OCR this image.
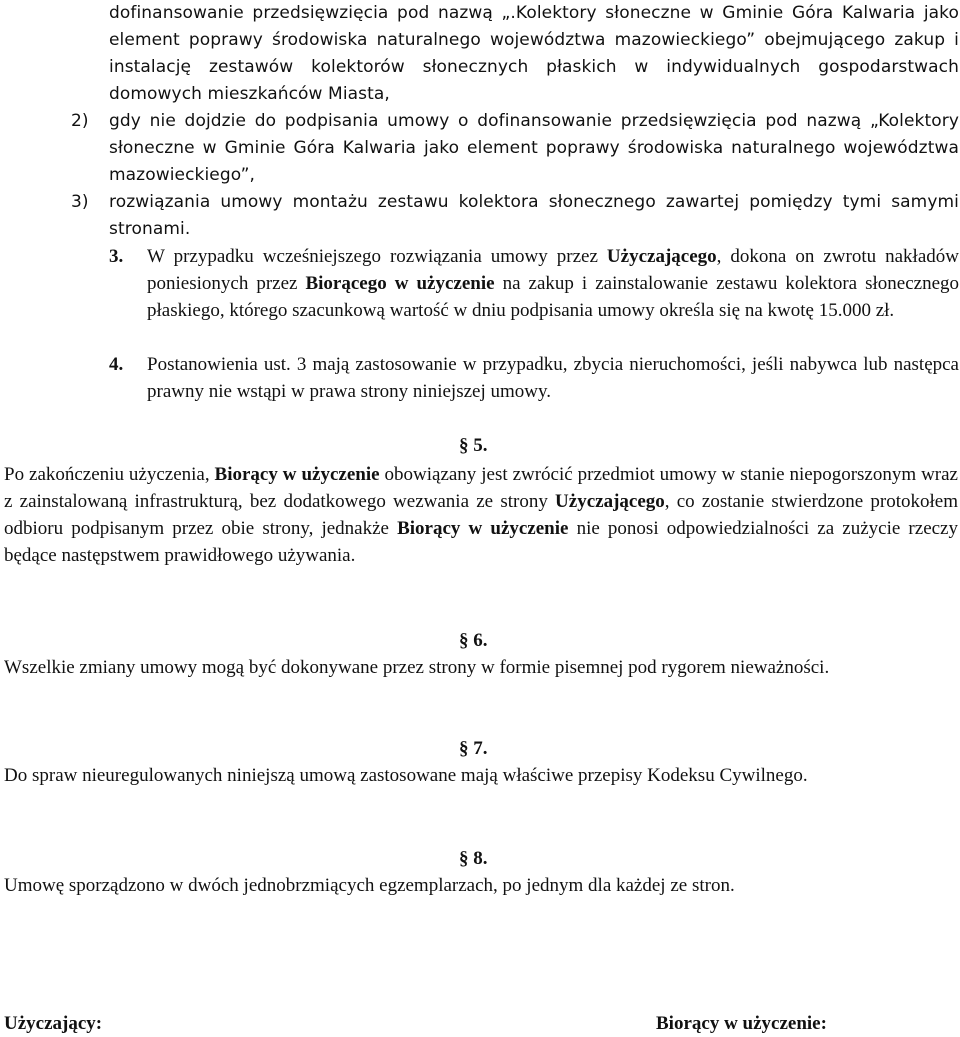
dofinansowanie przedsięwzięcia pod nazwą „.Kolektory słoneczne w Gminie Góra Kalwaria jako element poprawy środowiska naturalnego województwa mazowieckiego” obejmującego zakup i instalację zestawów kolektorów słonecznych płaskich w indywidualnych gospodarstwach domowych mieszkańców Miasta,
2) gdy nie dojdzie do podpisania umowy o dofinansowanie przedsięwzięcia pod nazwą „Kolektory słoneczne w Gminie Góra Kalwaria jako element poprawy środowiska naturalnego województwa mazowieckiego”,
3) rozwiązania umowy montażu zestawu kolektora słonecznego zawartej pomiędzy tymi samymi stronami.
3. W przypadku wcześniejszego rozwiązania umowy przez Użyczającego, dokona on zwrotu nakładów poniesionych przez Biorącego w użyczenie na zakup i zainstalowanie zestawu kolektora słonecznego płaskiego, którego szacunkową wartość w dniu podpisania umowy określa się na kwotę 15.000 zł.
4. Postanowienia ust. 3 mają zastosowanie w przypadku, zbycia nieruchomości, jeśli nabywca lub następca prawny nie wstąpi w prawa strony niniejszej umowy.
§ 5.
Po zakończeniu użyczenia, Biorący w użyczenie obowiązany jest zwrócić przedmiot umowy w stanie niepogorszonym wraz z zainstalowaną infrastrukturą, bez dodatkowego wezwania ze strony Użyczającego, co zostanie stwierdzone protokołem odbioru podpisanym przez obie strony, jednakże Biorący w użyczenie nie ponosi odpowiedzialności za zużycie rzeczy będące następstwem prawidłowego używania.
§ 6.
Wszelkie zmiany umowy mogą być dokonywane przez strony w formie pisemnej pod rygorem nieważności.
§ 7.
Do spraw nieuregulowanych niniejszą umową zastosowane mają właściwe przepisy Kodeksu Cywilnego.
§ 8.
Umowę sporządzono w dwóch jednobrzmiących egzemplarzach, po jednym dla każdej ze stron.
Użyczający:	Biorący w użyczenie:
